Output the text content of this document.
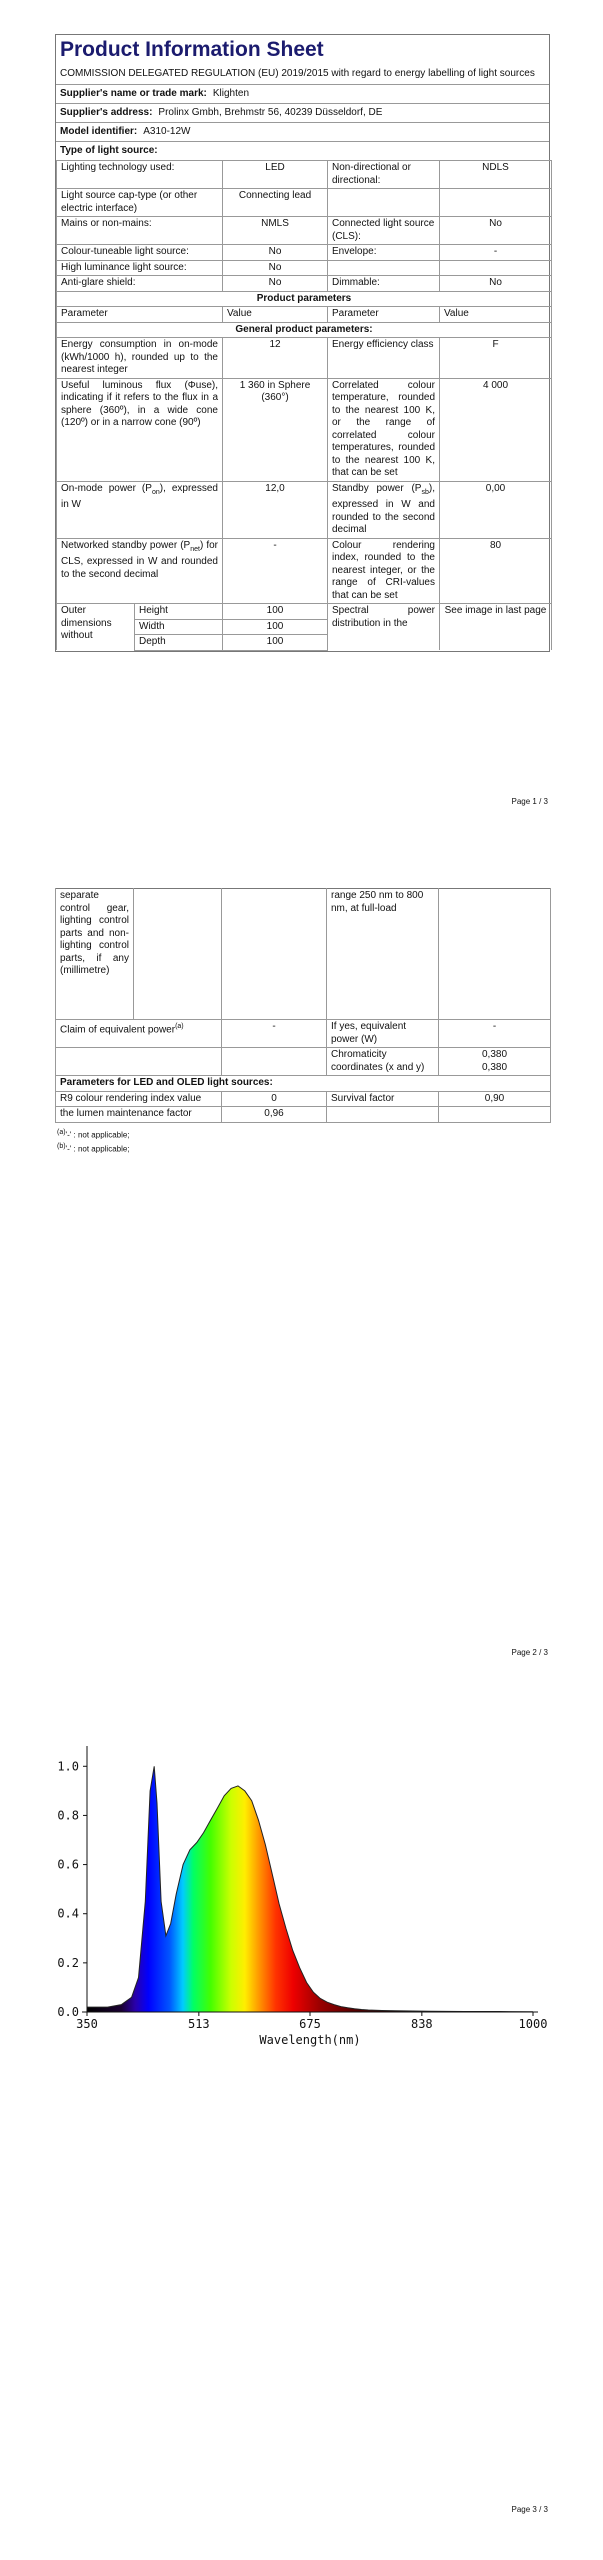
Product Information Sheet
COMMISSION DELEGATED REGULATION (EU) 2019/2015 with regard to energy labelling of light sources
Supplier's name or trade mark: Klighten
Supplier's address: Prolinx Gmbh, Brehmstr 56, 40239 Düsseldorf, DE
Model identifier: A310-12W
Type of light source:
Lighting technology used:	LED	Non-directional or directional:	NDLS
Light source cap-type (or other electric interface)	Connecting lead		
Mains or non-mains:	NMLS	Connected light source (CLS):	No
Colour-tuneable light source:	No	Envelope:	-
High luminance light source:	No		
Anti-glare shield:	No	Dimmable:	No
Product parameters			
Parameter	Value	Parameter	Value
General product parameters:			
Energy consumption in on-mode (kWh/1000 h), rounded up to the nearest integer	12	Energy efficiency class	F
Useful luminous flux (Φuse), indicating if it refers to the flux in a sphere (360º), in a wide cone (120º) or in a narrow cone (90º)	1 360 in Sphere (360°)	Correlated colour temperature, rounded to the nearest 100 K, or the range of correlated colour temperatures, rounded to the nearest 100 K, that can be set	4 000
On-mode power $(P_{on})$, expressed in W	12,0	Standby power $(P_{sb})$, expressed in W and rounded to the second decimal	0,00
Networked standby power $(P_{net})$ for CLS, expressed in W and rounded to the second decimal	-	Colour rendering index, rounded to the nearest integer, or the range of CRI-values that can be set	80
Outer dimensions without	Height	100	Spectral power distribution in the	See image in last page
	Width	100		
	Depth	100		
Page 1 / 3
separate control gear, lighting control parts and non-lighting control parts, if any (millimetre)			range 250 nm to 800 nm, at full-load	
Claim of equivalent power$^{(a)}$		-	If yes, equivalent power (W)	-
			Chromaticity coordinates (x and y)	0,380
0,380

Parameters for LED and OLED light sources:				
R9 colour rendering index value		0	Survival factor	0,90
the lumen maintenance factor		0,96		
$^{(a)}$'-' : not applicable;
$^{(b)}$'-' : not applicable;
Page 2 / 3
350	513	675	838	1000
0.0
0.2
0.4
0.6
0.8
1.0
Wavelength(nm)
Page 3 / 3
